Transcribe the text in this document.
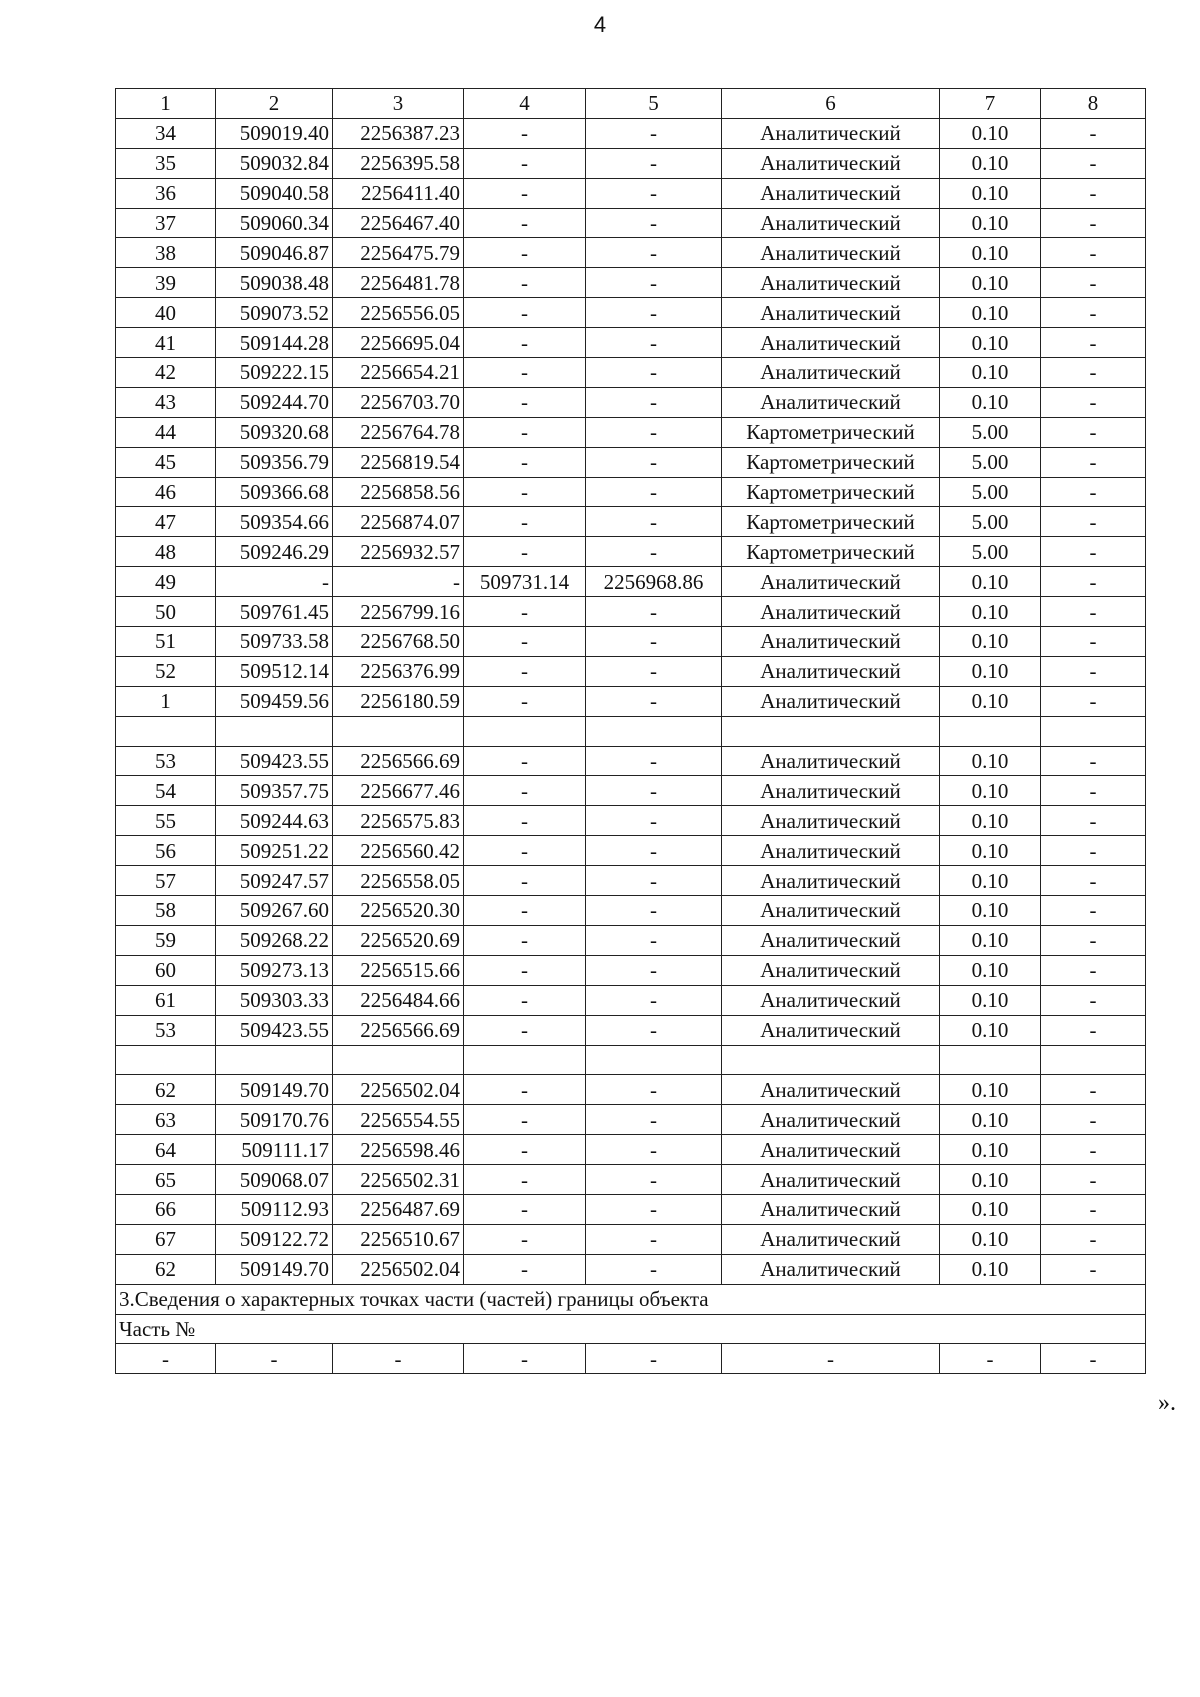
4
1	2	3	4	5	6	7	8
34	509019.40	2256387.23	-	-	Аналитический	0.10	-
35	509032.84	2256395.58	-	-	Аналитический	0.10	-
36	509040.58	2256411.40	-	-	Аналитический	0.10	-
37	509060.34	2256467.40	-	-	Аналитический	0.10	-
38	509046.87	2256475.79	-	-	Аналитический	0.10	-
39	509038.48	2256481.78	-	-	Аналитический	0.10	-
40	509073.52	2256556.05	-	-	Аналитический	0.10	-
41	509144.28	2256695.04	-	-	Аналитический	0.10	-
42	509222.15	2256654.21	-	-	Аналитический	0.10	-
43	509244.70	2256703.70	-	-	Аналитический	0.10	-
44	509320.68	2256764.78	-	-	Картометрический	5.00	-
45	509356.79	2256819.54	-	-	Картометрический	5.00	-
46	509366.68	2256858.56	-	-	Картометрический	5.00	-
47	509354.66	2256874.07	-	-	Картометрический	5.00	-
48	509246.29	2256932.57	-	-	Картометрический	5.00	-
49	-	-	509731.14	2256968.86	Аналитический	0.10	-
50	509761.45	2256799.16	-	-	Аналитический	0.10	-
51	509733.58	2256768.50	-	-	Аналитический	0.10	-
52	509512.14	2256376.99	-	-	Аналитический	0.10	-
1	509459.56	2256180.59	-	-	Аналитический	0.10	-

53	509423.55	2256566.69	-	-	Аналитический	0.10	-
54	509357.75	2256677.46	-	-	Аналитический	0.10	-
55	509244.63	2256575.83	-	-	Аналитический	0.10	-
56	509251.22	2256560.42	-	-	Аналитический	0.10	-
57	509247.57	2256558.05	-	-	Аналитический	0.10	-
58	509267.60	2256520.30	-	-	Аналитический	0.10	-
59	509268.22	2256520.69	-	-	Аналитический	0.10	-
60	509273.13	2256515.66	-	-	Аналитический	0.10	-
61	509303.33	2256484.66	-	-	Аналитический	0.10	-
53	509423.55	2256566.69	-	-	Аналитический	0.10	-

62	509149.70	2256502.04	-	-	Аналитический	0.10	-
63	509170.76	2256554.55	-	-	Аналитический	0.10	-
64	509111.17	2256598.46	-	-	Аналитический	0.10	-
65	509068.07	2256502.31	-	-	Аналитический	0.10	-
66	509112.93	2256487.69	-	-	Аналитический	0.10	-
67	509122.72	2256510.67	-	-	Аналитический	0.10	-
62	509149.70	2256502.04	-	-	Аналитический	0.10	-
3.Сведения о характерных точках части (частей) границы объекта							
Часть №							
-	-	-	-	-	-	-	-
».
